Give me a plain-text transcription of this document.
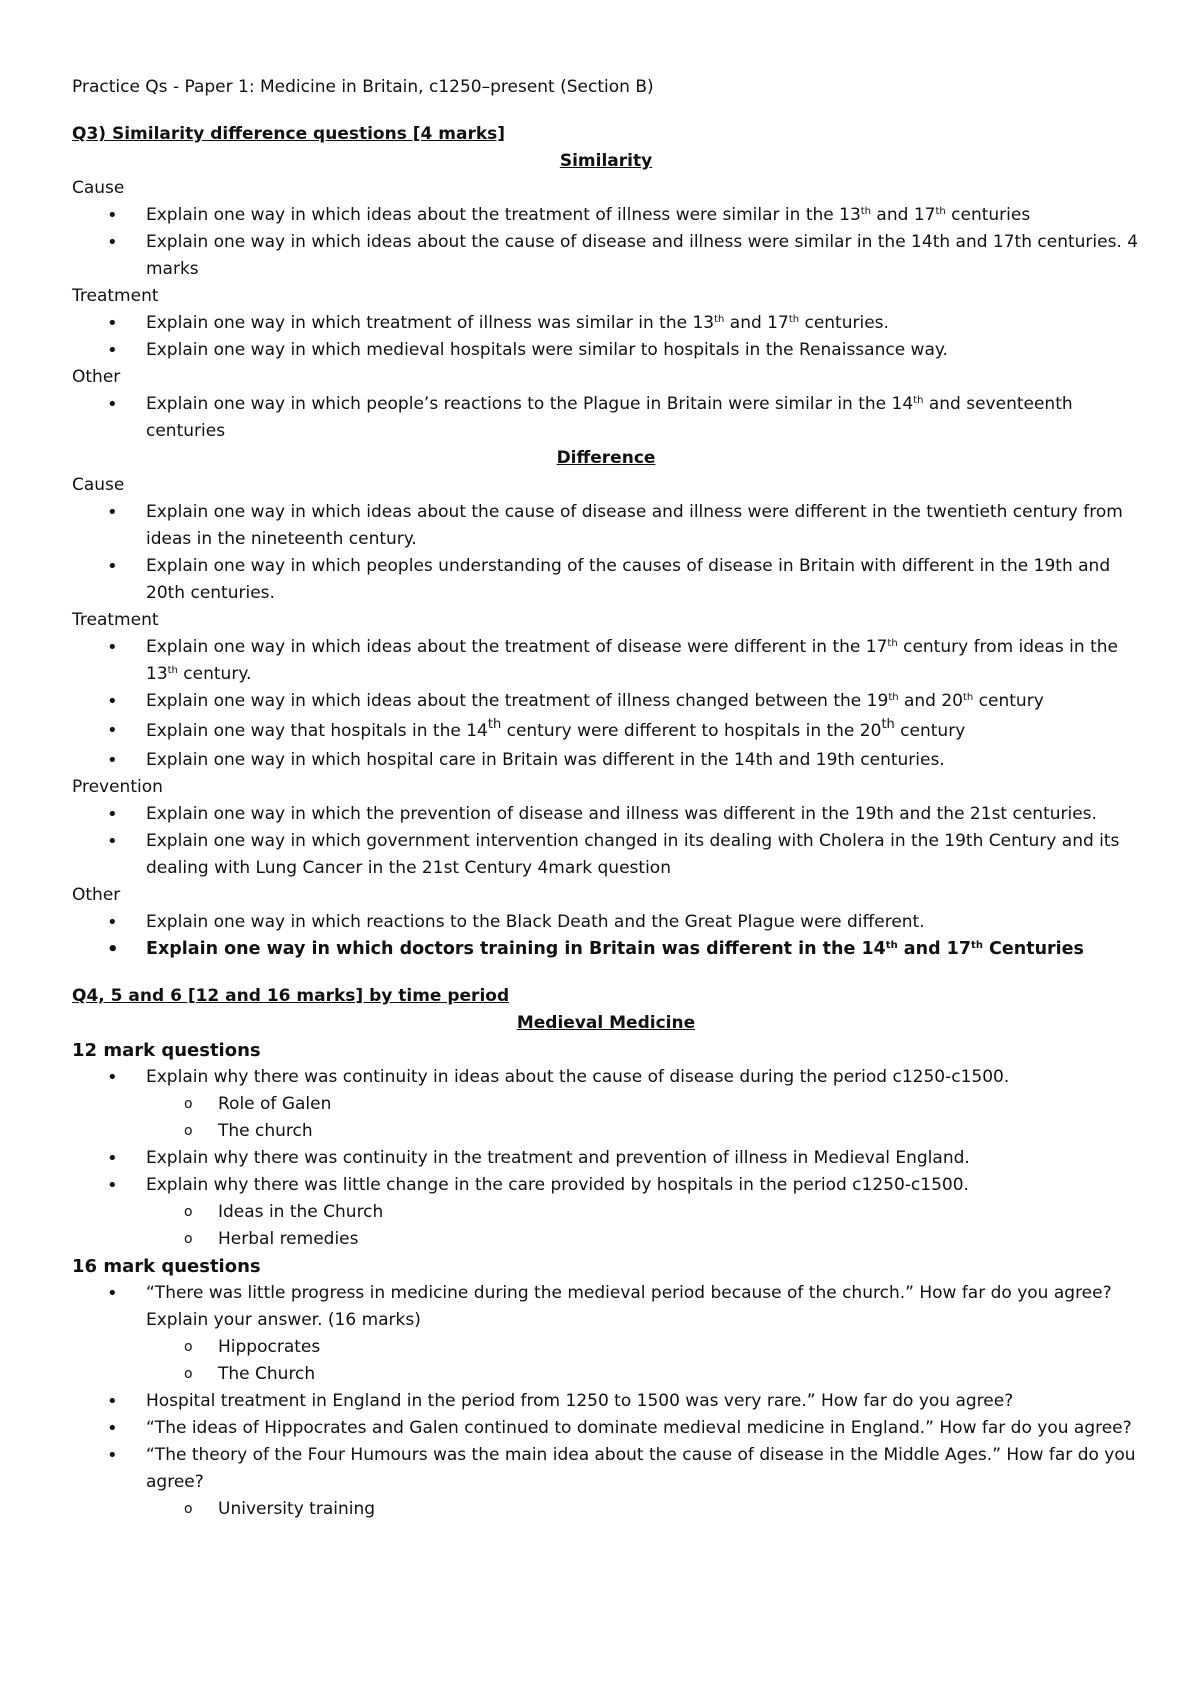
Practice Qs - Paper 1: Medicine in Britain, c1250–present (Section B)

Q3) Similarity difference questions [4 marks]

Similarity

Cause

• Explain one way in which ideas about the treatment of illness were similar in the 13th and 17th centuries
• Explain one way in which ideas about the cause of disease and illness were similar in the 14th and 17th centuries. 4 marks

Treatment

• Explain one way in which treatment of illness was similar in the 13th and 17th centuries.
• Explain one way in which medieval hospitals were similar to hospitals in the Renaissance way.

Other

• Explain one way in which people’s reactions to the Plague in Britain were similar in the 14th and seventeenth centuries

Difference

Cause

• Explain one way in which ideas about the cause of disease and illness were different in the twentieth century from ideas in the nineteenth century.
• Explain one way in which peoples understanding of the causes of disease in Britain with different in the 19th and 20th centuries.

Treatment

• Explain one way in which ideas about the treatment of disease were different in the 17th century from ideas in the 13th century.
• Explain one way in which ideas about the treatment of illness changed between the 19th and 20th century
• Explain one way that hospitals in the 14th century were different to hospitals in the 20th century
• Explain one way in which hospital care in Britain was different in the 14th and 19th centuries.

Prevention

• Explain one way in which the prevention of disease and illness was different in the 19th and the 21st centuries.
• Explain one way in which government intervention changed in its dealing with Cholera in the 19th Century and its dealing with Lung Cancer in the 21st Century 4mark question

Other

• Explain one way in which reactions to the Black Death and the Great Plague were different.
• Explain one way in which doctors training in Britain was different in the 14th and 17th Centuries

Q4, 5 and 6 [12 and 16 marks] by time period

Medieval Medicine

12 mark questions

• Explain why there was continuity in ideas about the cause of disease during the period c1250-c1500.
o Role of Galen
o The church
• Explain why there was continuity in the treatment and prevention of illness in Medieval England.
• Explain why there was little change in the care provided by hospitals in the period c1250-c1500.
o Ideas in the Church
o Herbal remedies

16 mark questions

• “There was little progress in medicine during the medieval period because of the church.” How far do you agree? Explain your answer. (16 marks)
o Hippocrates
o The Church
• Hospital treatment in England in the period from 1250 to 1500 was very rare.” How far do you agree?
• “The ideas of Hippocrates and Galen continued to dominate medieval medicine in England.” How far do you agree?
• “The theory of the Four Humours was the main idea about the cause of disease in the Middle Ages.” How far do you agree?
o University training
